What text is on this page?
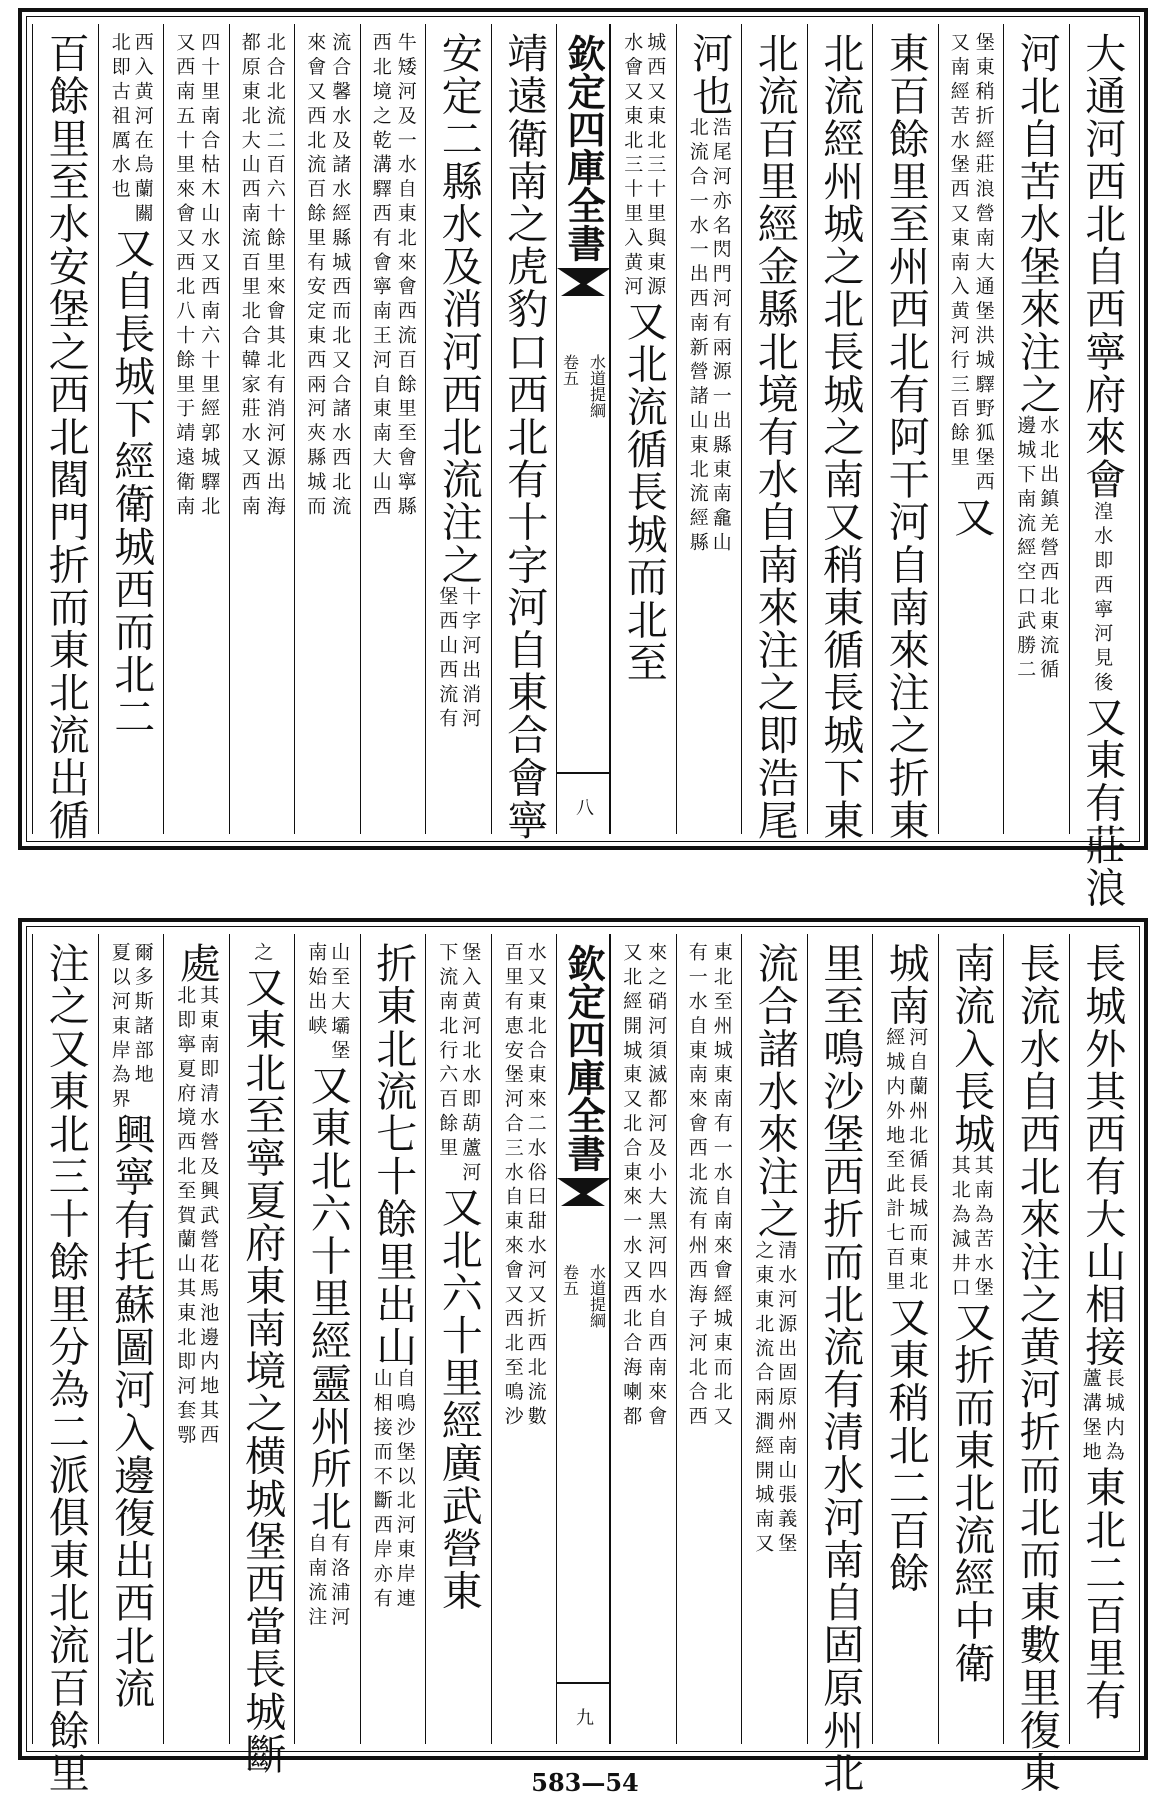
大通河西北自西寧府來會
湟水即西寧河見後
又東有莊浪
河北自苦水堡來注之
水北出鎮羌營西北東流循
邊城下南流經空口武勝二
堡東稍折經莊浪營南大通堡洪城驛野狐堡西
又南經苦水堡西又東南入黄河行三百餘里
又
東百餘里至州西北有阿干河自南來注之折東
北流經州城之北長城之南又稍東循長城下東
北流百里經金縣北境有水自南來注之即浩尾
河也
浩尾河亦名閃門河有兩源一出縣東南龕山
北流合一水一出西南新營諸山東北流經縣
城西又東北三十里與東源
水會又東北三十里入黄河
又北流循長城而北至
欽定四庫全書
水道提綱
卷五
八
靖遠衛南之虎豹口西北有十字河自東合會寧
安定二縣水及消河西北流注之
十字河出消河
堡西山西流有
牛矮河及一水自東北來會西流百餘里至會寧縣
西北境之乾溝驛西有會寧南王河自東南大山西
流合馨水及諸水經縣城西而北又合諸水西北流
來會又西北流百餘里有安定東西兩河夾縣城而
北合北流二百六十餘里來會其北有消河源出海
都原東北大山西南流百里北合韓家莊水又西南
四十里南合枯木山水又西南六十里經郭城驛北
又西南五十里來會又西北八十餘里于靖遠衛南
西入黄河在烏蘭關
北即古祖厲水也
又自長城下經衛城西而北二
百餘里至水安堡之西北閻門折而東北流出循
長城外其西有大山相接
長城内為
蘆溝堡地
東北二百里有
長流水自西北來注之黄河折而北而東數里復東
南流入長城
其南為苦水堡
其北為減井口
又折而東北流經中衛
城南
河自蘭州北循長城而東北
經城内外地至此計七百里
又東稍北二百餘
里至鳴沙堡西折而北流有清水河南自固原州北
流合諸水來注之
清水河源出固原州南山張義堡
之東東北流合兩澗經開城南又
東北至州城東南有一水自南來會經城東而北又
有一水自東南來會西北流有州西海子河北合西
來之硝河須滅都河及小大黑河四水自西南來會
又北經開城東又北合東來一水又西北合海喇都
欽定四庫全書
水道提綱
卷五
九
水又東北合東來二水俗曰甜水河又折西北流數
百里有恵安堡河合三水自東來會又西北至鳴沙
堡入黄河北水即葫蘆河
下流南北行六百餘里
又北六十里經廣武營東
折東北流七十餘里出山
自鳴沙堡以北河東岸連
山相接而不斷西岸亦有
山至大壩堡
南始出峡
又東北六十里經靈州所北
有洛浦河
自南流注
之
又東北至寧夏府東南境之横城堡西當長城斷
處
其東南即清水營及興武營花馬池邊内地其西
北即寧夏府境西北至賀蘭山其東北即河套鄂
爾多斯諸部地
夏以河東岸為界
興寧有托蘇圖河入邊復出西北流
注之又東北三十餘里分為二派俱東北流百餘里	583—54
